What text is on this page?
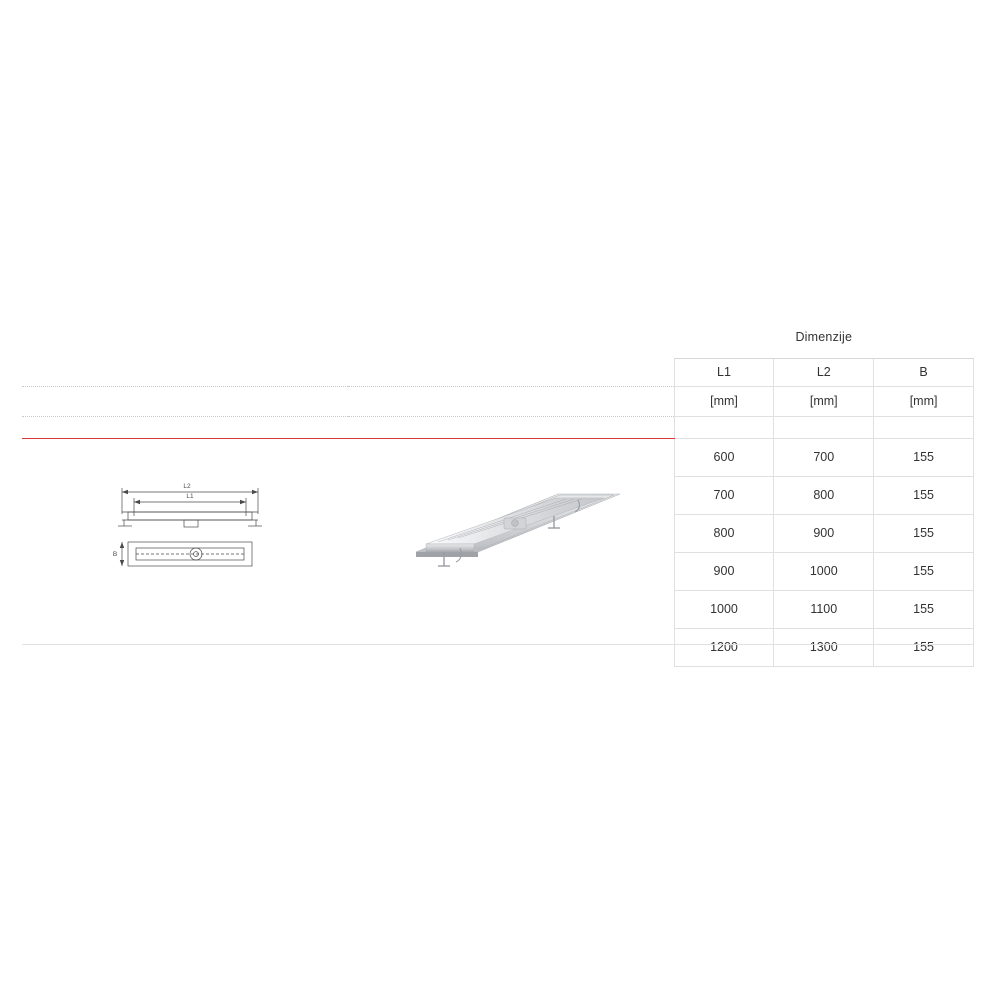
		Dimenzije		
		L1	L2	B
		[mm]	[mm]	[mm]

		600	700	155
		700	800	155
		800	900	155
		900	1000	155
		1000	1100	155
		1200	1300	155
L2
L1
B
